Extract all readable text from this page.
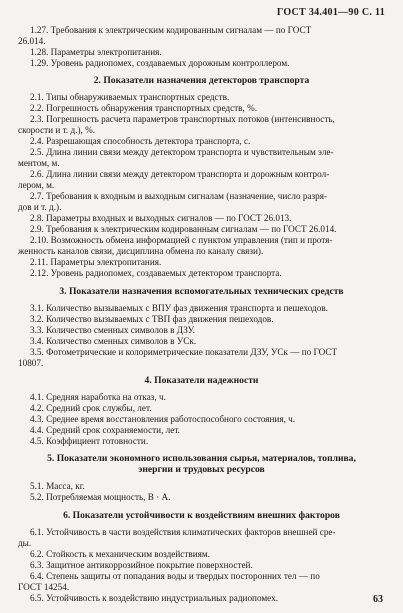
ГОСТ 34.401—90 С. 11
1.27. Требования к электрическим кодированным сигналам — по ГОСТ
26.014.
1.28. Параметры электропитания.
1.29. Уровень радиопомех, создаваемых дорожным контроллером.
2. Показатели назначения детекторов транспорта
2.1. Типы обнаруживаемых транспортных средств.
2.2. Погрешность обнаружения транспортных средств, %.
2.3. Погрешность расчета параметров транспортных потоков (интенсивность,
скорости и т. д.), %.
2.4. Разрешающая способность детектора транспорта, с.
2.5. Длина линии связи между детектором транспорта и чувствительным эле-
ментом, м.
2.6. Длина линии связи между детектором транспорта и дорожным контрол-
лером, м.
2.7. Требования к входным и выходным сигналам (назначение, число разря-
дов и т. д.).
2.8. Параметры входных и выходных сигналов — по ГОСТ 26.013.
2.9. Требования к электрическим кодированным сигналам — по ГОСТ 26.014.
2.10. Возможность обмена информацией с пунктом управления (тип и протя-
женность каналов связи, дисциплина обмена по каналу связи).
2.11. Параметры электропитания.
2.12. Уровень радиопомех, создаваемых детектором транспорта.
3. Показатели назначения вспомогательных технических средств
3.1. Количество вызываемых с ВПУ фаз движения транспорта и пешеходов.
3.2. Количество вызываемых с ТВП фаз движения пешеходов.
3.3. Количество сменных символов в ДЗУ.
3.4. Количество сменных символов в УСк.
3.5. Фотометрические и колориметрические показатели ДЗУ, УСк — по ГОСТ
10807.
4. Показатели надежности
4.1. Средняя наработка на отказ, ч.
4.2. Средний срок службы, лет.
4.3. Среднее время восстановления работоспособного состояния, ч.
4.4. Средний срок сохраняемости, лет.
4.5. Коэффициент готовности.
5. Показатели экономного использования сырья, материалов, топлива,
энергии и трудовых ресурсов
5.1. Масса, кг.
5.2. Потребляемая мощность, В · А.
6. Показатели устойчивости к воздействиям внешних факторов
6.1. Устойчивость в части воздействия климатических факторов внешней сре-
ды.
6.2. Стойкость к механическим воздействиям.
6.3. Защитное антикоррозийное покрытие поверхностей.
6.4. Степень защиты от попадания воды и твердых посторонних тел — по
ГОСТ 14254.
6.5. Устойчивость к воздействию индустриальных радиопомех.	63
